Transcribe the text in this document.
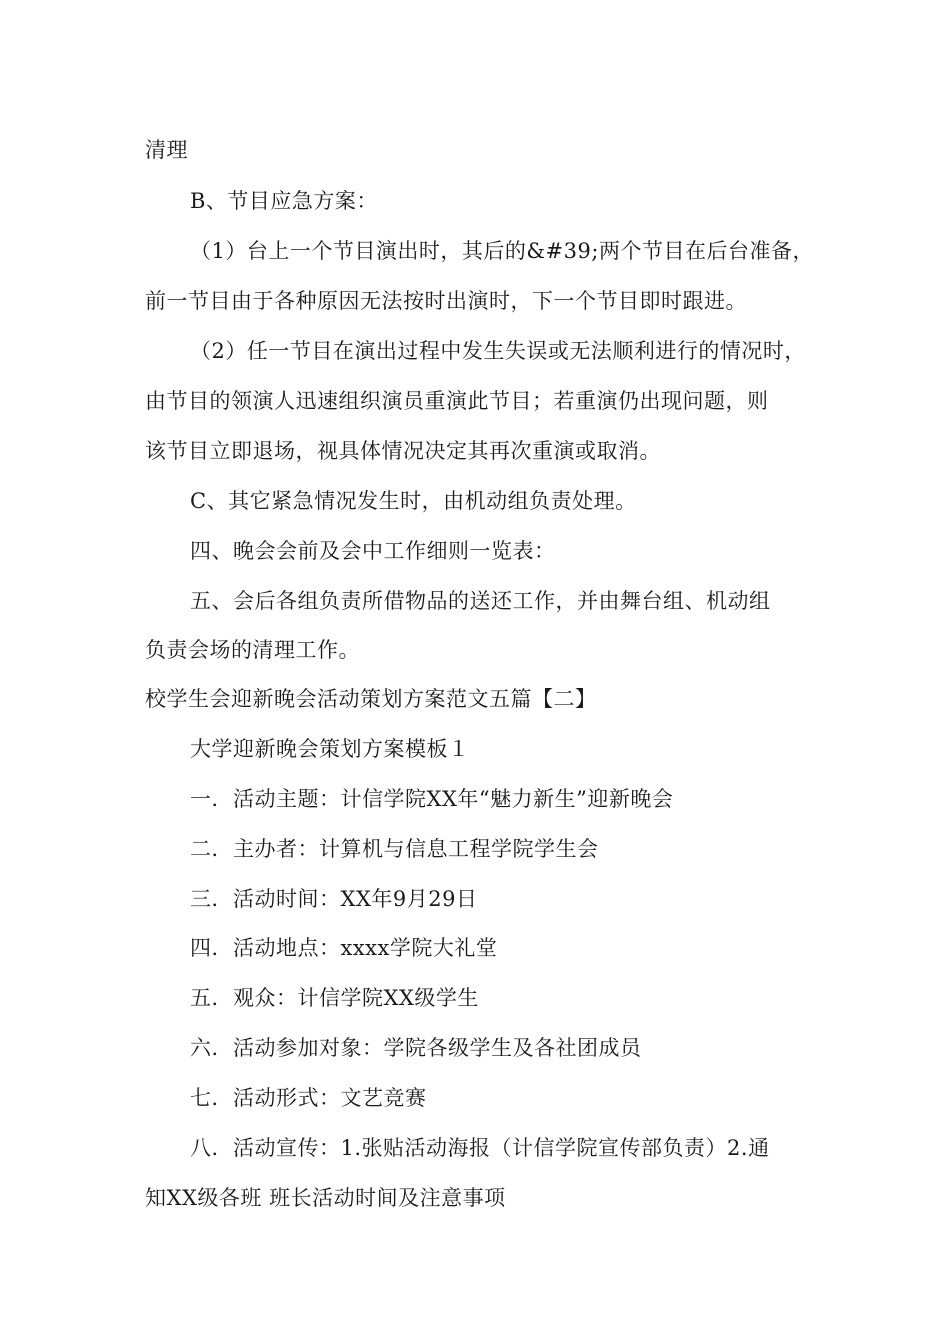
清理
B、节目应急方案：
（1）台上一个节目演出时，其后的&#39;两个节目在后台准备，
前一节目由于各种原因无法按时出演时，下一个节目即时跟进。
（2）任一节目在演出过程中发生失误或无法顺利进行的情况时，
由节目的领演人迅速组织演员重演此节目；若重演仍出现问题，则
该节目立即退场，视具体情况决定其再次重演或取消。
C、其它紧急情况发生时，由机动组负责处理。
四、晚会会前及会中工作细则一览表：
五、会后各组负责所借物品的送还工作，并由舞台组、机动组
负责会场的清理工作。
校学生会迎新晚会活动策划方案范文五篇【二】
大学迎新晚会策划方案模板１
一．活动主题：计信学院XX年“魅力新生”迎新晚会
二．主办者：计算机与信息工程学院学生会
三．活动时间：XX年9月29日
四．活动地点：xxxx学院大礼堂
五．观众：计信学院XX级学生
六．活动参加对象：学院各级学生及各社团成员
七．活动形式：文艺竞赛
八．活动宣传：1.张贴活动海报（计信学院宣传部负责）2.通
知XX级各班 班长活动时间及注意事项
